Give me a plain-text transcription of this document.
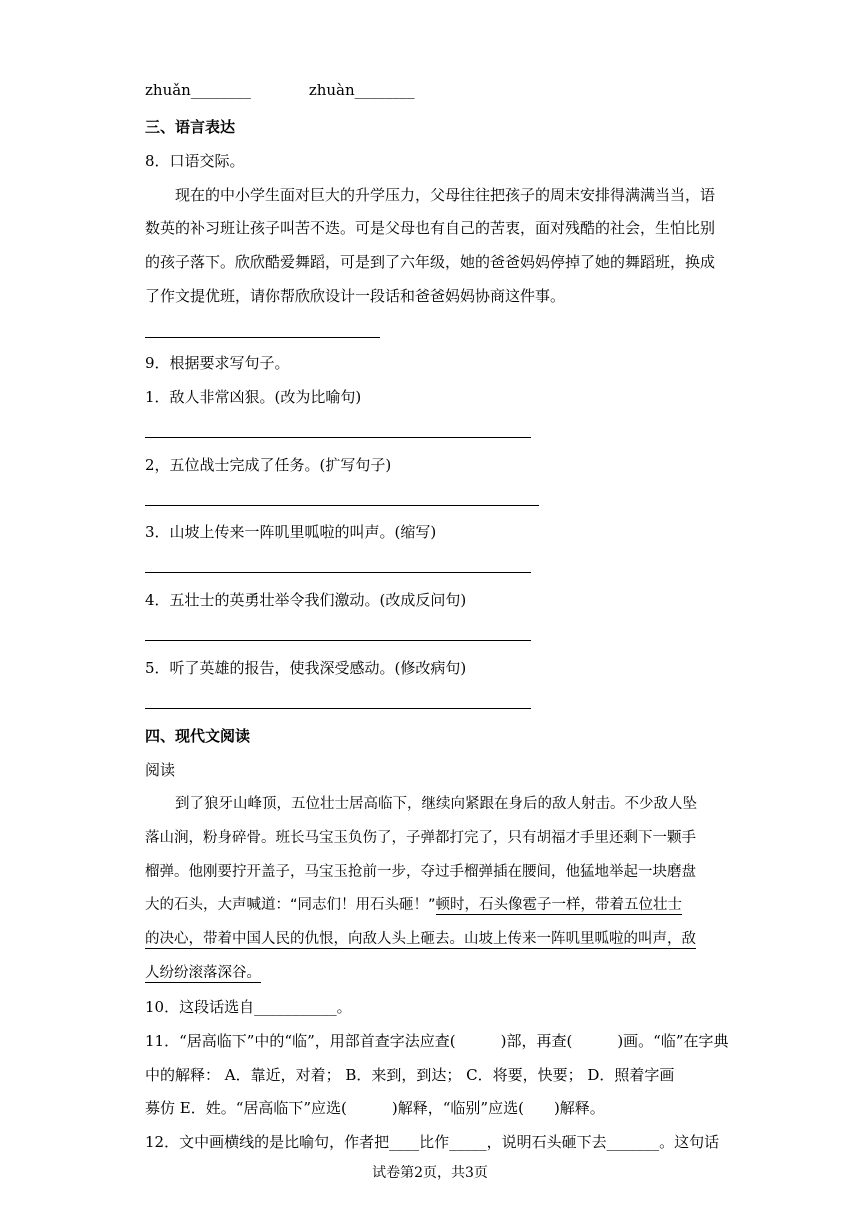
zhuǎn________	zhuàn________
三、语言表达
8．口语交际。
现在的中小学生面对巨大的升学压力，父母往往把孩子的周末安排得满满当当，语
数英的补习班让孩子叫苦不迭。可是父母也有自己的苦衷，面对残酷的社会，生怕比别
的孩子落下。欣欣酷爱舞蹈，可是到了六年级，她的爸爸妈妈停掉了她的舞蹈班，换成
了作文提优班，请你帮欣欣设计一段话和爸爸妈妈协商这件事。
9．根据要求写句子。
1．敌人非常凶狠。(改为比喻句)
2，五位战士完成了任务。(扩写句子)
3．山坡上传来一阵叽里呱啦的叫声。(缩写)
4．五壮士的英勇壮举令我们激动。(改成反问句)
5．听了英雄的报告，使我深受感动。(修改病句)
四、现代文阅读
阅读
到了狼牙山峰顶，五位壮士居高临下，继续向紧跟在身后的敌人射击。不少敌人坠
落山涧，粉身碎骨。班长马宝玉负伤了，子弹都打完了，只有胡福才手里还剩下一颗手
榴弹。他刚要拧开盖子，马宝玉抢前一步，夺过手榴弹插在腰间，他猛地举起一块磨盘
大的石头，大声喊道：“同志们！用石头砸！”顿时，石头像雹子一样，带着五位壮士
的决心，带着中国人民的仇恨，向敌人头上砸去。山坡上传来一阵叽里呱啦的叫声，敌
人纷纷滚落深谷。
10．这段话选自___________。
11．“居高临下”中的“临”，用部首查字法应查(　　　)部，再查(　　　)画。“临”在字典
中的解释： A．靠近，对着； B．来到，到达； C．将要，快要； D．照着字画
募仿 E．姓。“居高临下”应选(　　　)解释，“临别”应选(　　)解释。
12．文中画横线的是比喻句，作者把____比作_____，说明石头砸下去_______。这句话
试卷第2页，共3页
